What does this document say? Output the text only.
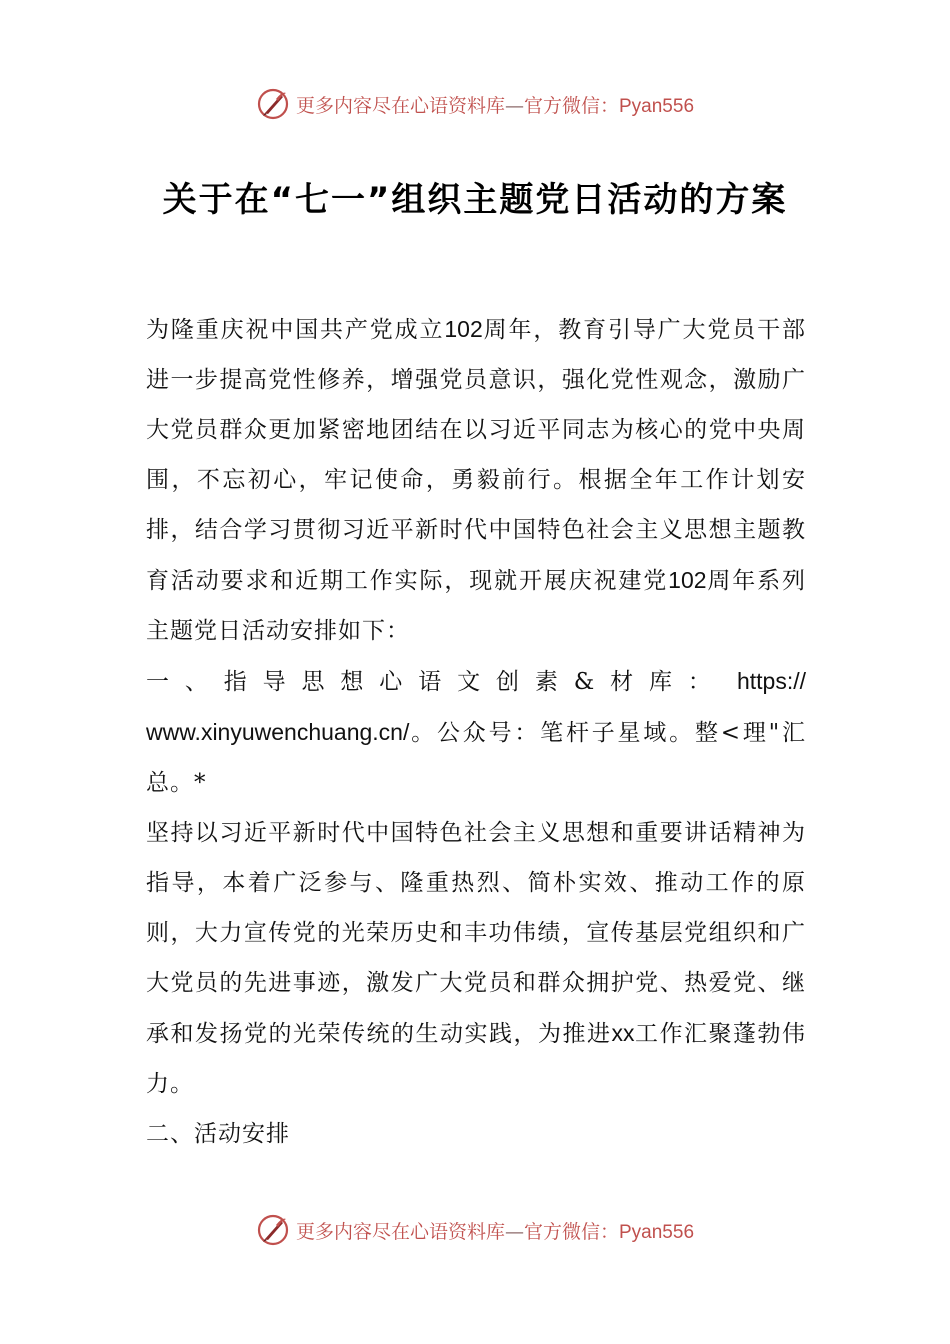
更多内容尽在心语资料库—官方微信：Pyan556
关于在“七一”组织主题党日活动的方案

为隆重庆祝中国共产党成立102周年，教育引导广大党员干部进一步提高党性修养，增强党员意识，强化党性观念，激励广大党员群众更加紧密地团结在以习近平同志为核心的党中央周围，不忘初心，牢记使命，勇毅前行。根据全年工作计划安排，结合学习贯彻习近平新时代中国特色社会主义思想主题教育活动要求和近期工作实际，现就开展庆祝建党102周年系列主题党日活动安排如下：

一、指导思想心语文创素&材库： https://

www.xinyuwenchuang.cn/。公众号：笔杆子星域。整<理"汇总。*

坚持以习近平新时代中国特色社会主义思想和重要讲话精神为指导，本着广泛参与、隆重热烈、简朴实效、推动工作的原则，大力宣传党的光荣历史和丰功伟绩，宣传基层党组织和广大党员的先进事迹，激发广大党员和群众拥护党、热爱党、继承和发扬党的光荣传统的生动实践，为推进xx工作汇聚蓬勃伟力。

二、活动安排

更多内容尽在心语资料库—官方微信：Pyan556
